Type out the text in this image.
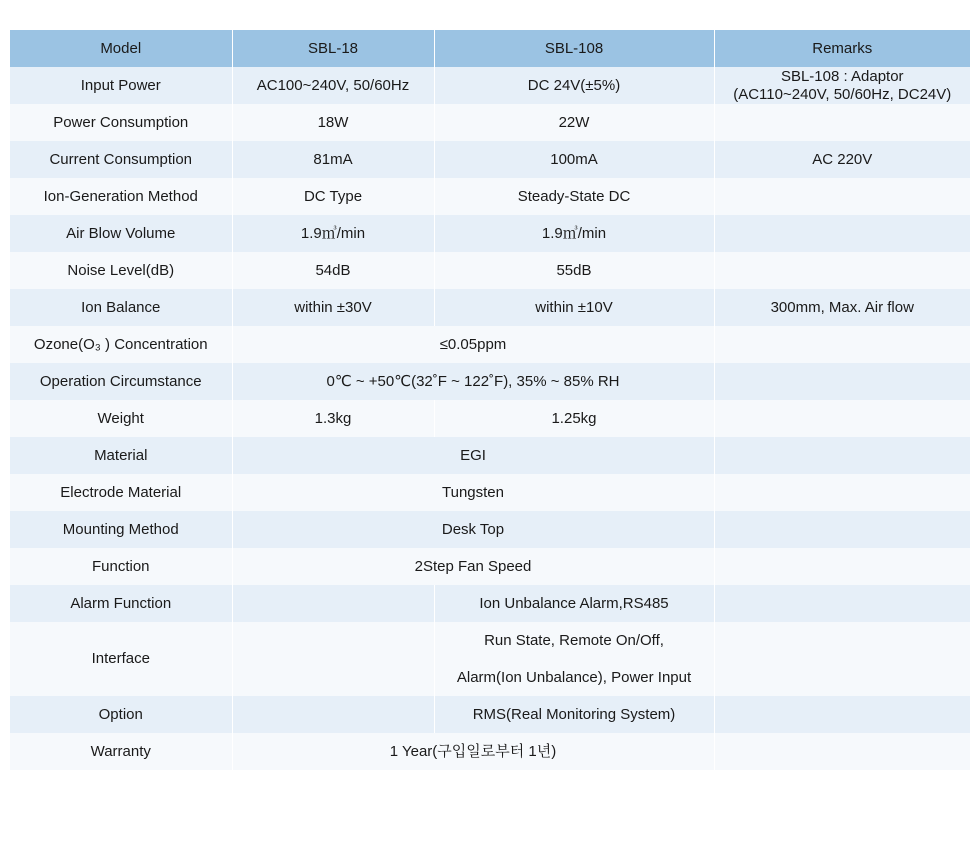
Model	SBL-18	SBL-108	Remarks
Input Power	AC100~240V, 50/60Hz	DC 24V(±5%)	SBL-108 : Adaptor
(AC110~240V, 50/60Hz, DC24V)

Power Consumption	18W	22W	
Current Consumption	81mA	100mA	AC 220V
Ion-Generation Method	DC Type	Steady-State DC	
Air Blow Volume	1.9㎥/min	1.9㎥/min	
Noise Level(dB)	54dB	55dB	
Ion Balance	within ±30V	within ±10V	300mm, Max. Air flow
Ozone(O₃ ) Concentration	≤0.05ppm		
Operation Circumstance	0℃ ~ +50℃(32˚F ~ 122˚F), 35% ~ 85% RH		
Weight	1.3kg	1.25kg	
Material	EGI		
Electrode Material	Tungsten		
Mounting Method	Desk Top		
Function	2Step Fan Speed		
Alarm Function		Ion Unbalance Alarm,RS485	
Interface		Run State, Remote On/Off,
Alarm(Ion Unbalance), Power Input	

Option		RMS(Real Monitoring System)	
Warranty	1 Year(구입일로부터 1년)		
